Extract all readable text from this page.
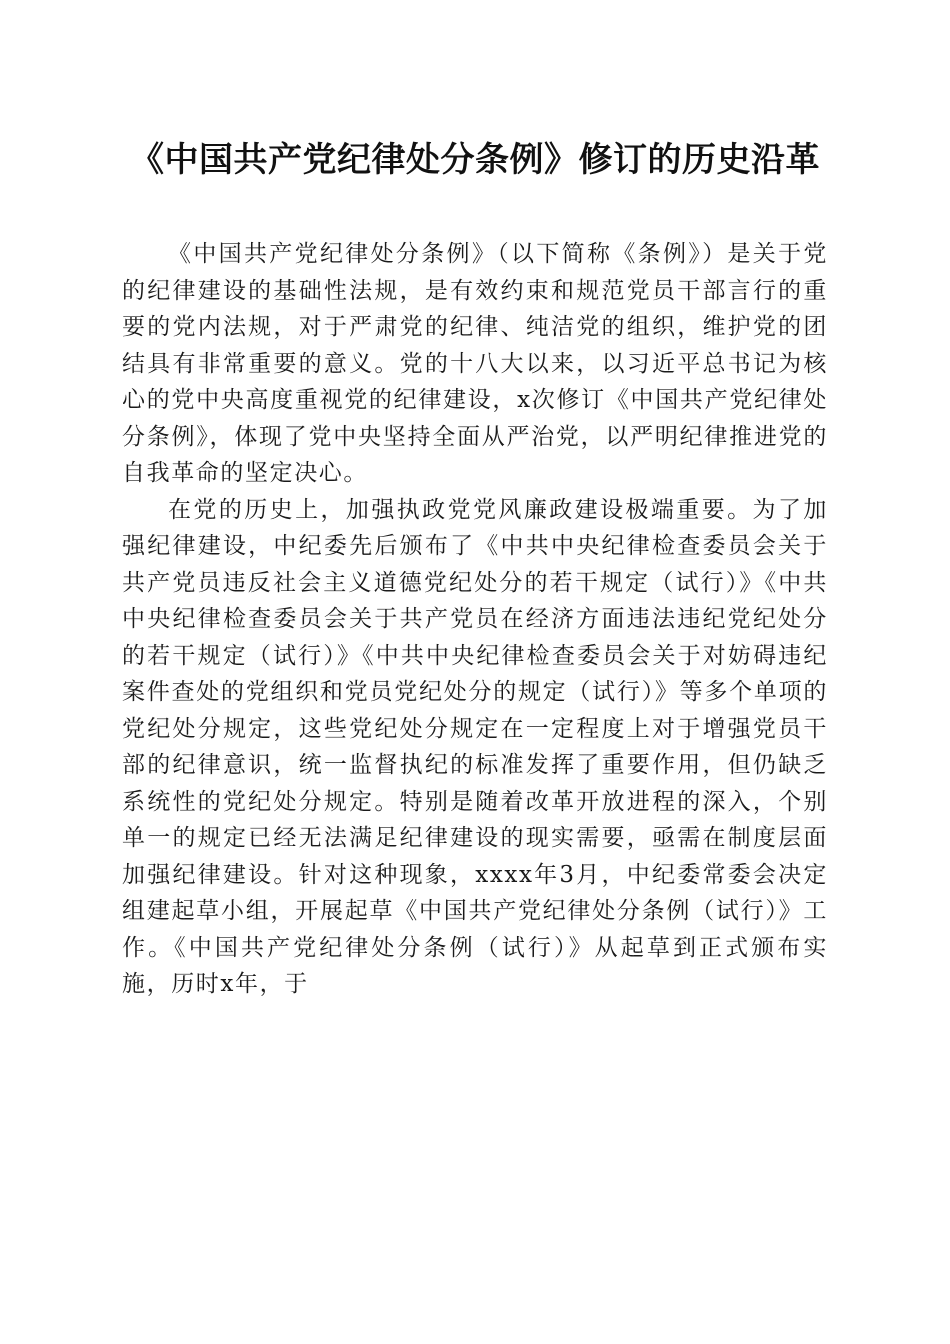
《中国共产党纪律处分条例》修订的历史沿革

《中国共产党纪律处分条例》（以下简称《条例》）是关于党的纪律建设的基础性法规，是有效约束和规范党员干部言行的重要的党内法规，对于严肃党的纪律、纯洁党的组织，维护党的团结具有非常重要的意义。党的十八大以来，以习近平总书记为核心的党中央高度重视党的纪律建设，x次修订《中国共产党纪律处分条例》，体现了党中央坚持全面从严治党，以严明纪律推进党的自我革命的坚定决心。

在党的历史上，加强执政党党风廉政建设极端重要。为了加强纪律建设，中纪委先后颁布了《中共中央纪律检查委员会关于共产党员违反社会主义道德党纪处分的若干规定（试行）》《中共中央纪律检查委员会关于共产党员在经济方面违法违纪党纪处分的若干规定（试行）》《中共中央纪律检查委员会关于对妨碍违纪案件查处的党组织和党员党纪处分的规定（试行）》等多个单项的党纪处分规定，这些党纪处分规定在一定程度上对于增强党员干部的纪律意识，统一监督执纪的标准发挥了重要作用，但仍缺乏系统性的党纪处分规定。特别是随着改革开放进程的深入，个别单一的规定已经无法满足纪律建设的现实需要，亟需在制度层面加强纪律建设。针对这种现象，xxxx年3月，中纪委常委会决定组建起草小组，开展起草《中国共产党纪律处分条例（试行）》工作。《中国共产党纪律处分条例（试行）》从起草到正式颁布实施，历时x年，于
